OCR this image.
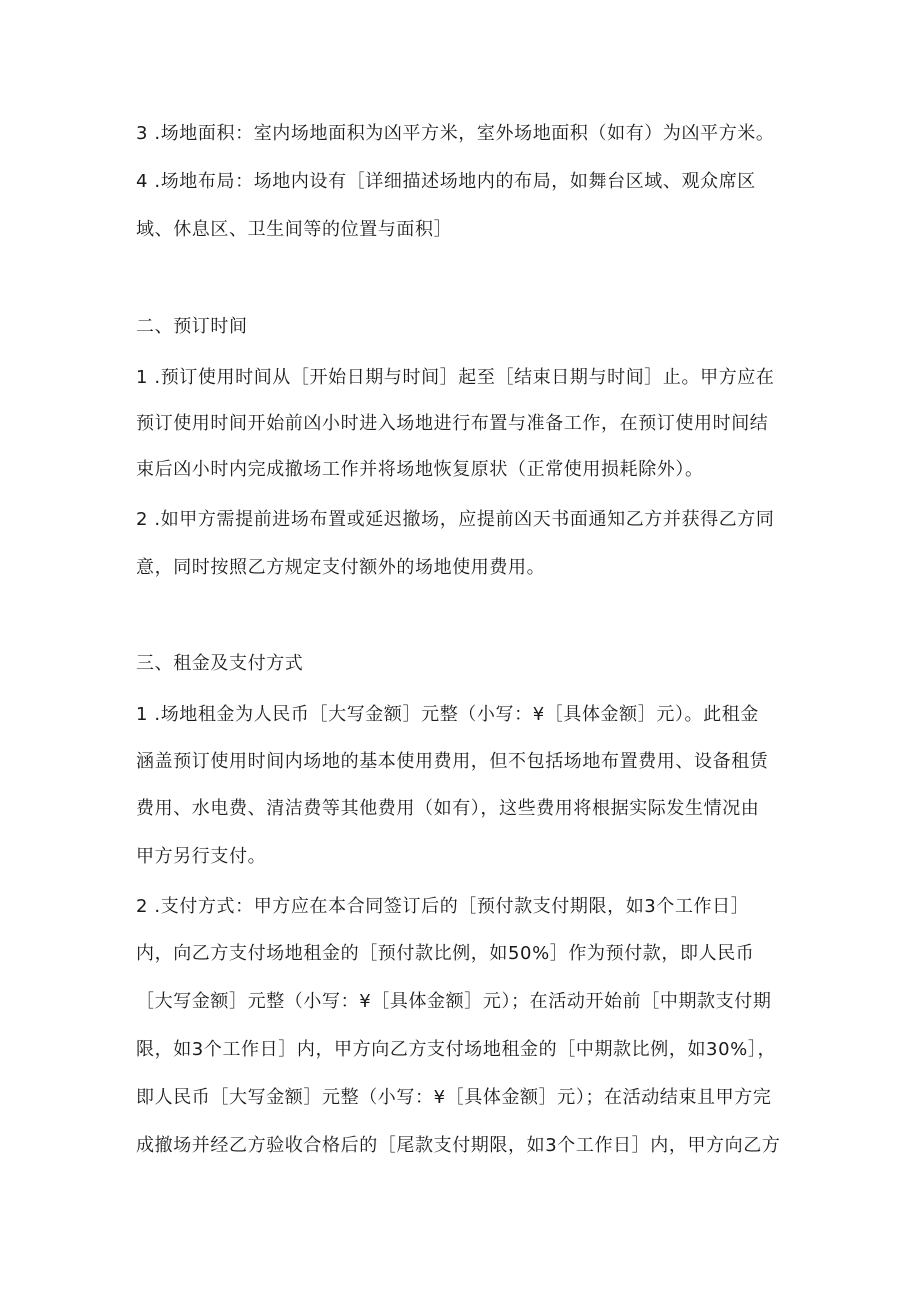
3 .场地面积：室内场地面积为凶平方米，室外场地面积（如有）为凶平方米。
4 .场地布局：场地内设有［详细描述场地内的布局，如舞台区域、观众席区
域、休息区、卫生间等的位置与面积］
二、预订时间
1 .预订使用时间从［开始日期与时间］起至［结束日期与时间］止。甲方应在
预订使用时间开始前凶小时进入场地进行布置与准备工作，在预订使用时间结
束后凶小时内完成撤场工作并将场地恢复原状（正常使用损耗除外）。
2 .如甲方需提前进场布置或延迟撤场，应提前凶天书面通知乙方并获得乙方同
意，同时按照乙方规定支付额外的场地使用费用。
三、租金及支付方式
1 .场地租金为人民币［大写金额］元整（小写：¥［具体金额］元）。此租金
涵盖预订使用时间内场地的基本使用费用，但不包括场地布置费用、设备租赁
费用、水电费、清洁费等其他费用（如有），这些费用将根据实际发生情况由
甲方另行支付。
2 .支付方式：甲方应在本合同签订后的［预付款支付期限，如3个工作日］
内，向乙方支付场地租金的［预付款比例，如50%］作为预付款，即人民币
［大写金额］元整（小写：¥［具体金额］元）；在活动开始前［中期款支付期
限，如3个工作日］内，甲方向乙方支付场地租金的［中期款比例，如30%］，
即人民币［大写金额］元整（小写：¥［具体金额］元）；在活动结束且甲方完
成撤场并经乙方验收合格后的［尾款支付期限，如3个工作日］内，甲方向乙方
